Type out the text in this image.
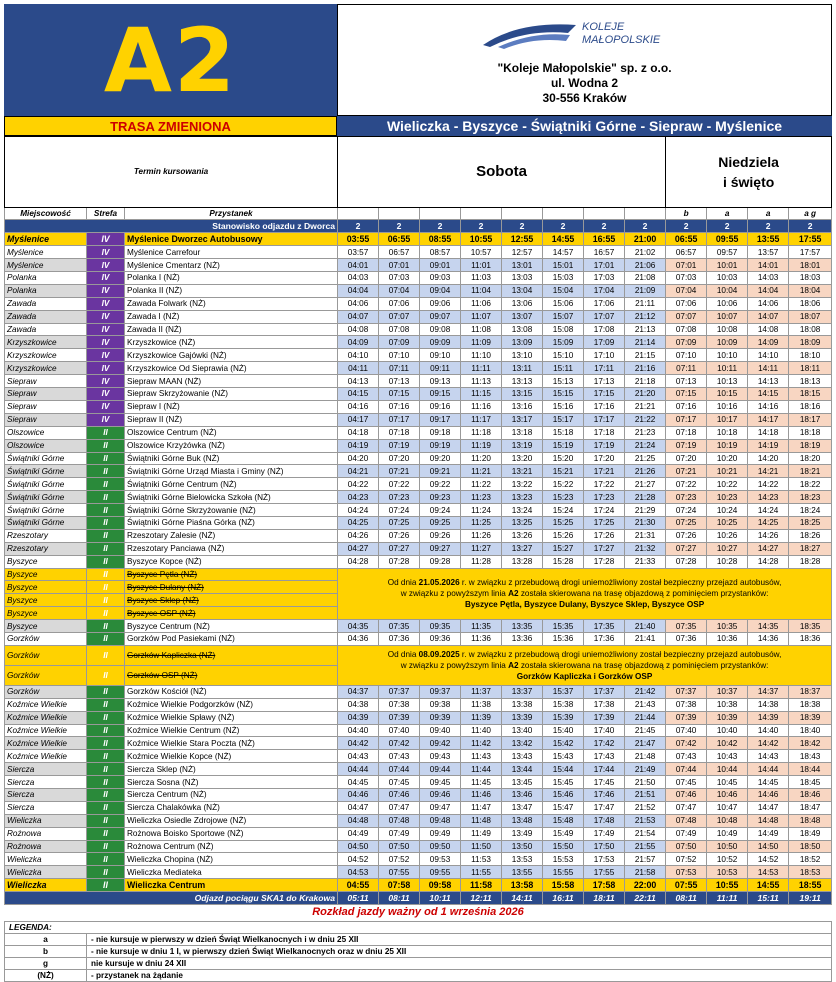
A2	KOLEJE
MAŁOPOLSKIE
"Koleje Małopolskie" sp. z o.o.
ul. Wodna 2
30-556 Kraków
TRASA ZMIENIONA	Wieliczka - Byszyce - Świątniki Górne - Siepraw - Myślenice
Termin kursowania			Sobota								Niedziela
i święto			

Miejscowość	Strefa	Przystanek									b	a	a	a g
Stanowisko odjazdu z Dworca			2	2	2	2	2	2	2	2	2	2	2	2
Myślenice	IV	Myślenice Dworzec Autobusowy	03:55	06:55	08:55	10:55	12:55	14:55	16:55	21:00	06:55	09:55	13:55	17:55
Myślenice	IV	Myślenice Carrefour	03:57	06:57	08:57	10:57	12:57	14:57	16:57	21:02	06:57	09:57	13:57	17:57
Myślenice	IV	Myślenice Cmentarz (NŻ)	04:01	07:01	09:01	11:01	13:01	15:01	17:01	21:06	07:01	10:01	14:01	18:01
Polanka	IV	Polanka I (NŻ)	04:03	07:03	09:03	11:03	13:03	15:03	17:03	21:08	07:03	10:03	14:03	18:03
Polanka	IV	Polanka II (NŻ)	04:04	07:04	09:04	11:04	13:04	15:04	17:04	21:09	07:04	10:04	14:04	18:04
Zawada	IV	Zawada Folwark (NŻ)	04:06	07:06	09:06	11:06	13:06	15:06	17:06	21:11	07:06	10:06	14:06	18:06
Zawada	IV	Zawada I (NŻ)	04:07	07:07	09:07	11:07	13:07	15:07	17:07	21:12	07:07	10:07	14:07	18:07
Zawada	IV	Zawada II (NŻ)	04:08	07:08	09:08	11:08	13:08	15:08	17:08	21:13	07:08	10:08	14:08	18:08
Krzyszkowice	IV	Krzyszkowice (NŻ)	04:09	07:09	09:09	11:09	13:09	15:09	17:09	21:14	07:09	10:09	14:09	18:09
Krzyszkowice	IV	Krzyszkowice Gajówki (NŻ)	04:10	07:10	09:10	11:10	13:10	15:10	17:10	21:15	07:10	10:10	14:10	18:10
Krzyszkowice	IV	Krzyszkowice Od Sieprawia (NŻ)	04:11	07:11	09:11	11:11	13:11	15:11	17:11	21:16	07:11	10:11	14:11	18:11
Siepraw	IV	Siepraw MAAN (NŻ)	04:13	07:13	09:13	11:13	13:13	15:13	17:13	21:18	07:13	10:13	14:13	18:13
Siepraw	IV	Siepraw Skrzyżowanie (NŻ)	04:15	07:15	09:15	11:15	13:15	15:15	17:15	21:20	07:15	10:15	14:15	18:15
Siepraw	IV	Siepraw I (NŻ)	04:16	07:16	09:16	11:16	13:16	15:16	17:16	21:21	07:16	10:16	14:16	18:16
Siepraw	IV	Siepraw II (NŻ)	04:17	07:17	09:17	11:17	13:17	15:17	17:17	21:22	07:17	10:17	14:17	18:17
Olszowice	II	Olszowice Centrum (NŻ)	04:18	07:18	09:18	11:18	13:18	15:18	17:18	21:23	07:18	10:18	14:18	18:18
Olszowice	II	Olszowice Krzyżówka (NŻ)	04:19	07:19	09:19	11:19	13:19	15:19	17:19	21:24	07:19	10:19	14:19	18:19
Świątniki Górne	II	Świątniki Górne Buk (NŻ)	04:20	07:20	09:20	11:20	13:20	15:20	17:20	21:25	07:20	10:20	14:20	18:20
Świątniki Górne	II	Świątniki Górne Urząd Miasta i Gminy (NŻ)	04:21	07:21	09:21	11:21	13:21	15:21	17:21	21:26	07:21	10:21	14:21	18:21
Świątniki Górne	II	Świątniki Górne Centrum (NŻ)	04:22	07:22	09:22	11:22	13:22	15:22	17:22	21:27	07:22	10:22	14:22	18:22
Świątniki Górne	II	Świątniki Górne Bielowicka Szkoła (NŻ)	04:23	07:23	09:23	11:23	13:23	15:23	17:23	21:28	07:23	10:23	14:23	18:23
Świątniki Górne	II	Świątniki Górne Skrzyżowanie (NŻ)	04:24	07:24	09:24	11:24	13:24	15:24	17:24	21:29	07:24	10:24	14:24	18:24
Świątniki Górne	II	Świątniki Górne Piaśna Górka (NŻ)	04:25	07:25	09:25	11:25	13:25	15:25	17:25	21:30	07:25	10:25	14:25	18:25
Rzeszotary	II	Rzeszotary Zalesie (NŻ)	04:26	07:26	09:26	11:26	13:26	15:26	17:26	21:31	07:26	10:26	14:26	18:26
Rzeszotary	II	Rzeszotary Panciawa (NŻ)	04:27	07:27	09:27	11:27	13:27	15:27	17:27	21:32	07:27	10:27	14:27	18:27
Byszyce	II	Byszyce Kopce (NŻ)	04:28	07:28	09:28	11:28	13:28	15:28	17:28	21:33	07:28	10:28	14:28	18:28
Byszyce	II	Byszyce Pętla (NŻ)	Od dnia 21.05.2026 r. w związku z przebudową drogi uniemożliwiony został bezpieczny przejazd autobusów,
w związku z powyższym linia A2 została skierowana na trasę objazdową z pominięciem przystanków:
Byszyce Pętla, Byszyce Dulany, Byszyce Sklep, Byszyce OSP											

Byszyce	II	Byszyce Dulany (NŻ)												
Byszyce	II	Byszyce Sklep (NŻ)												
Byszyce	II	Byszyce OSP (NŻ)												
Byszyce	II	Byszyce Centrum (NŻ)	04:35	07:35	09:35	11:35	13:35	15:35	17:35	21:40	07:35	10:35	14:35	18:35
Gorzków	II	Gorzków Pod Pasiekami (NŻ)	04:36	07:36	09:36	11:36	13:36	15:36	17:36	21:41	07:36	10:36	14:36	18:36
Gorzków	II	Gorzków Kapliczka (NŻ)	Od dnia 08.09.2025 r. w związku z przebudową drogi uniemożliwiony został bezpieczny przejazd autobusów,
w związku z powyższym linia A2 została skierowana na trasę objazdową z pominięciem przystanków:
Gorzków Kapliczka i Gorzków OSP											

Gorzków	II	Gorzków OSP (NŻ)												
Gorzków	II	Gorzków Kościół (NŻ)	04:37	07:37	09:37	11:37	13:37	15:37	17:37	21:42	07:37	10:37	14:37	18:37
Koźmice Wielkie	II	Koźmice Wielkie Podgorzków (NŻ)	04:38	07:38	09:38	11:38	13:38	15:38	17:38	21:43	07:38	10:38	14:38	18:38
Koźmice Wielkie	II	Koźmice Wielkie Spławy (NŻ)	04:39	07:39	09:39	11:39	13:39	15:39	17:39	21:44	07:39	10:39	14:39	18:39
Koźmice Wielkie	II	Koźmice Wielkie Centrum (NŻ)	04:40	07:40	09:40	11:40	13:40	15:40	17:40	21:45	07:40	10:40	14:40	18:40
Koźmice Wielkie	II	Koźmice Wielkie Stara Poczta (NŻ)	04:42	07:42	09:42	11:42	13:42	15:42	17:42	21:47	07:42	10:42	14:42	18:42
Koźmice Wielkie	II	Koźmice Wielkie Kopce (NŻ)	04:43	07:43	09:43	11:43	13:43	15:43	17:43	21:48	07:43	10:43	14:43	18:43
Siercza	II	Siercza Sklep (NŻ)	04:44	07:44	09:44	11:44	13:44	15:44	17:44	21:49	07:44	10:44	14:44	18:44
Siercza	II	Siercza Sosna (NŻ)	04:45	07:45	09:45	11:45	13:45	15:45	17:45	21:50	07:45	10:45	14:45	18:45
Siercza	II	Siercza Centrum (NŻ)	04:46	07:46	09:46	11:46	13:46	15:46	17:46	21:51	07:46	10:46	14:46	18:46
Siercza	II	Siercza Chalakówka (NŻ)	04:47	07:47	09:47	11:47	13:47	15:47	17:47	21:52	07:47	10:47	14:47	18:47
Wieliczka	II	Wieliczka Osiedle Zdrojowe (NŻ)	04:48	07:48	09:48	11:48	13:48	15:48	17:48	21:53	07:48	10:48	14:48	18:48
Rożnowa	II	Rożnowa Boisko Sportowe (NŻ)	04:49	07:49	09:49	11:49	13:49	15:49	17:49	21:54	07:49	10:49	14:49	18:49
Rożnowa	II	Rożnowa Centrum (NŻ)	04:50	07:50	09:50	11:50	13:50	15:50	17:50	21:55	07:50	10:50	14:50	18:50
Wieliczka	II	Wieliczka Chopina (NŻ)	04:52	07:52	09:53	11:53	13:53	15:53	17:53	21:57	07:52	10:52	14:52	18:52
Wieliczka	II	Wieliczka Mediateka	04:53	07:55	09:55	11:55	13:55	15:55	17:55	21:58	07:53	10:53	14:53	18:53
Wieliczka	II	Wieliczka Centrum	04:55	07:58	09:58	11:58	13:58	15:58	17:58	22:00	07:55	10:55	14:55	18:55
Odjazd pociągu SKA1 do Krakowa			05:11	08:11	10:11	12:11	14:11	16:11	18:11	22:11	08:11	11:11	15:11	19:11
Rozkład jazdy ważny od 1 września 2026
LEGENDA:	
a	- nie kursuje w pierwszy w dzień Świąt Wielkanocnych i w dniu 25 XII
b	- nie kursuje w dniu 1 I, w pierwszy dzień Świąt Wielkanocnych oraz w dniu 25 XII
g	nie kursuje w dniu 24 XII
(NŻ)	- przystanek na żądanie
